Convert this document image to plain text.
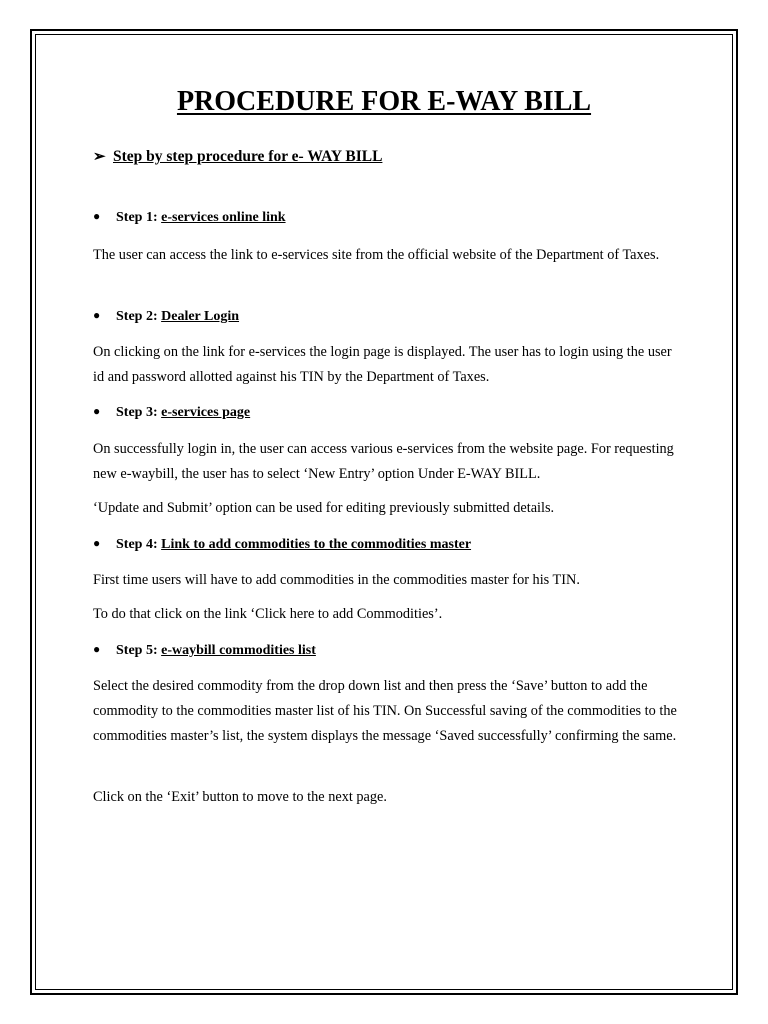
PROCEDURE FOR E-WAY BILL
➢ Step by step procedure for e- WAY BILL
● Step 1: e-services online link

The user can access the link to e-services site from the official website of the Department of Taxes.

● Step 2: Dealer Login

On clicking on the link for e-services the login page is displayed. The user has to login using the user id and password allotted against his TIN by the Department of Taxes.

● Step 3: e-services page

On successfully login in, the user can access various e-services from the website page. For requesting new e-waybill, the user has to select ‘New Entry’ option Under E-WAY BILL.

‘Update and Submit’ option can be used for editing previously submitted details.

● Step 4: Link to add commodities to the commodities master

First time users will have to add commodities in the commodities master for his TIN.

To do that click on the link ‘Click here to add Commodities’.

● Step 5: e-waybill commodities list

Select the desired commodity from the drop down list and then press the ‘Save’ button to add the commodity to the commodities master list of his TIN. On Successful saving of the commodities to the commodities master’s list, the system displays the message ‘Saved successfully’ confirming the same.

Click on the ‘Exit’ button to move to the next page.
